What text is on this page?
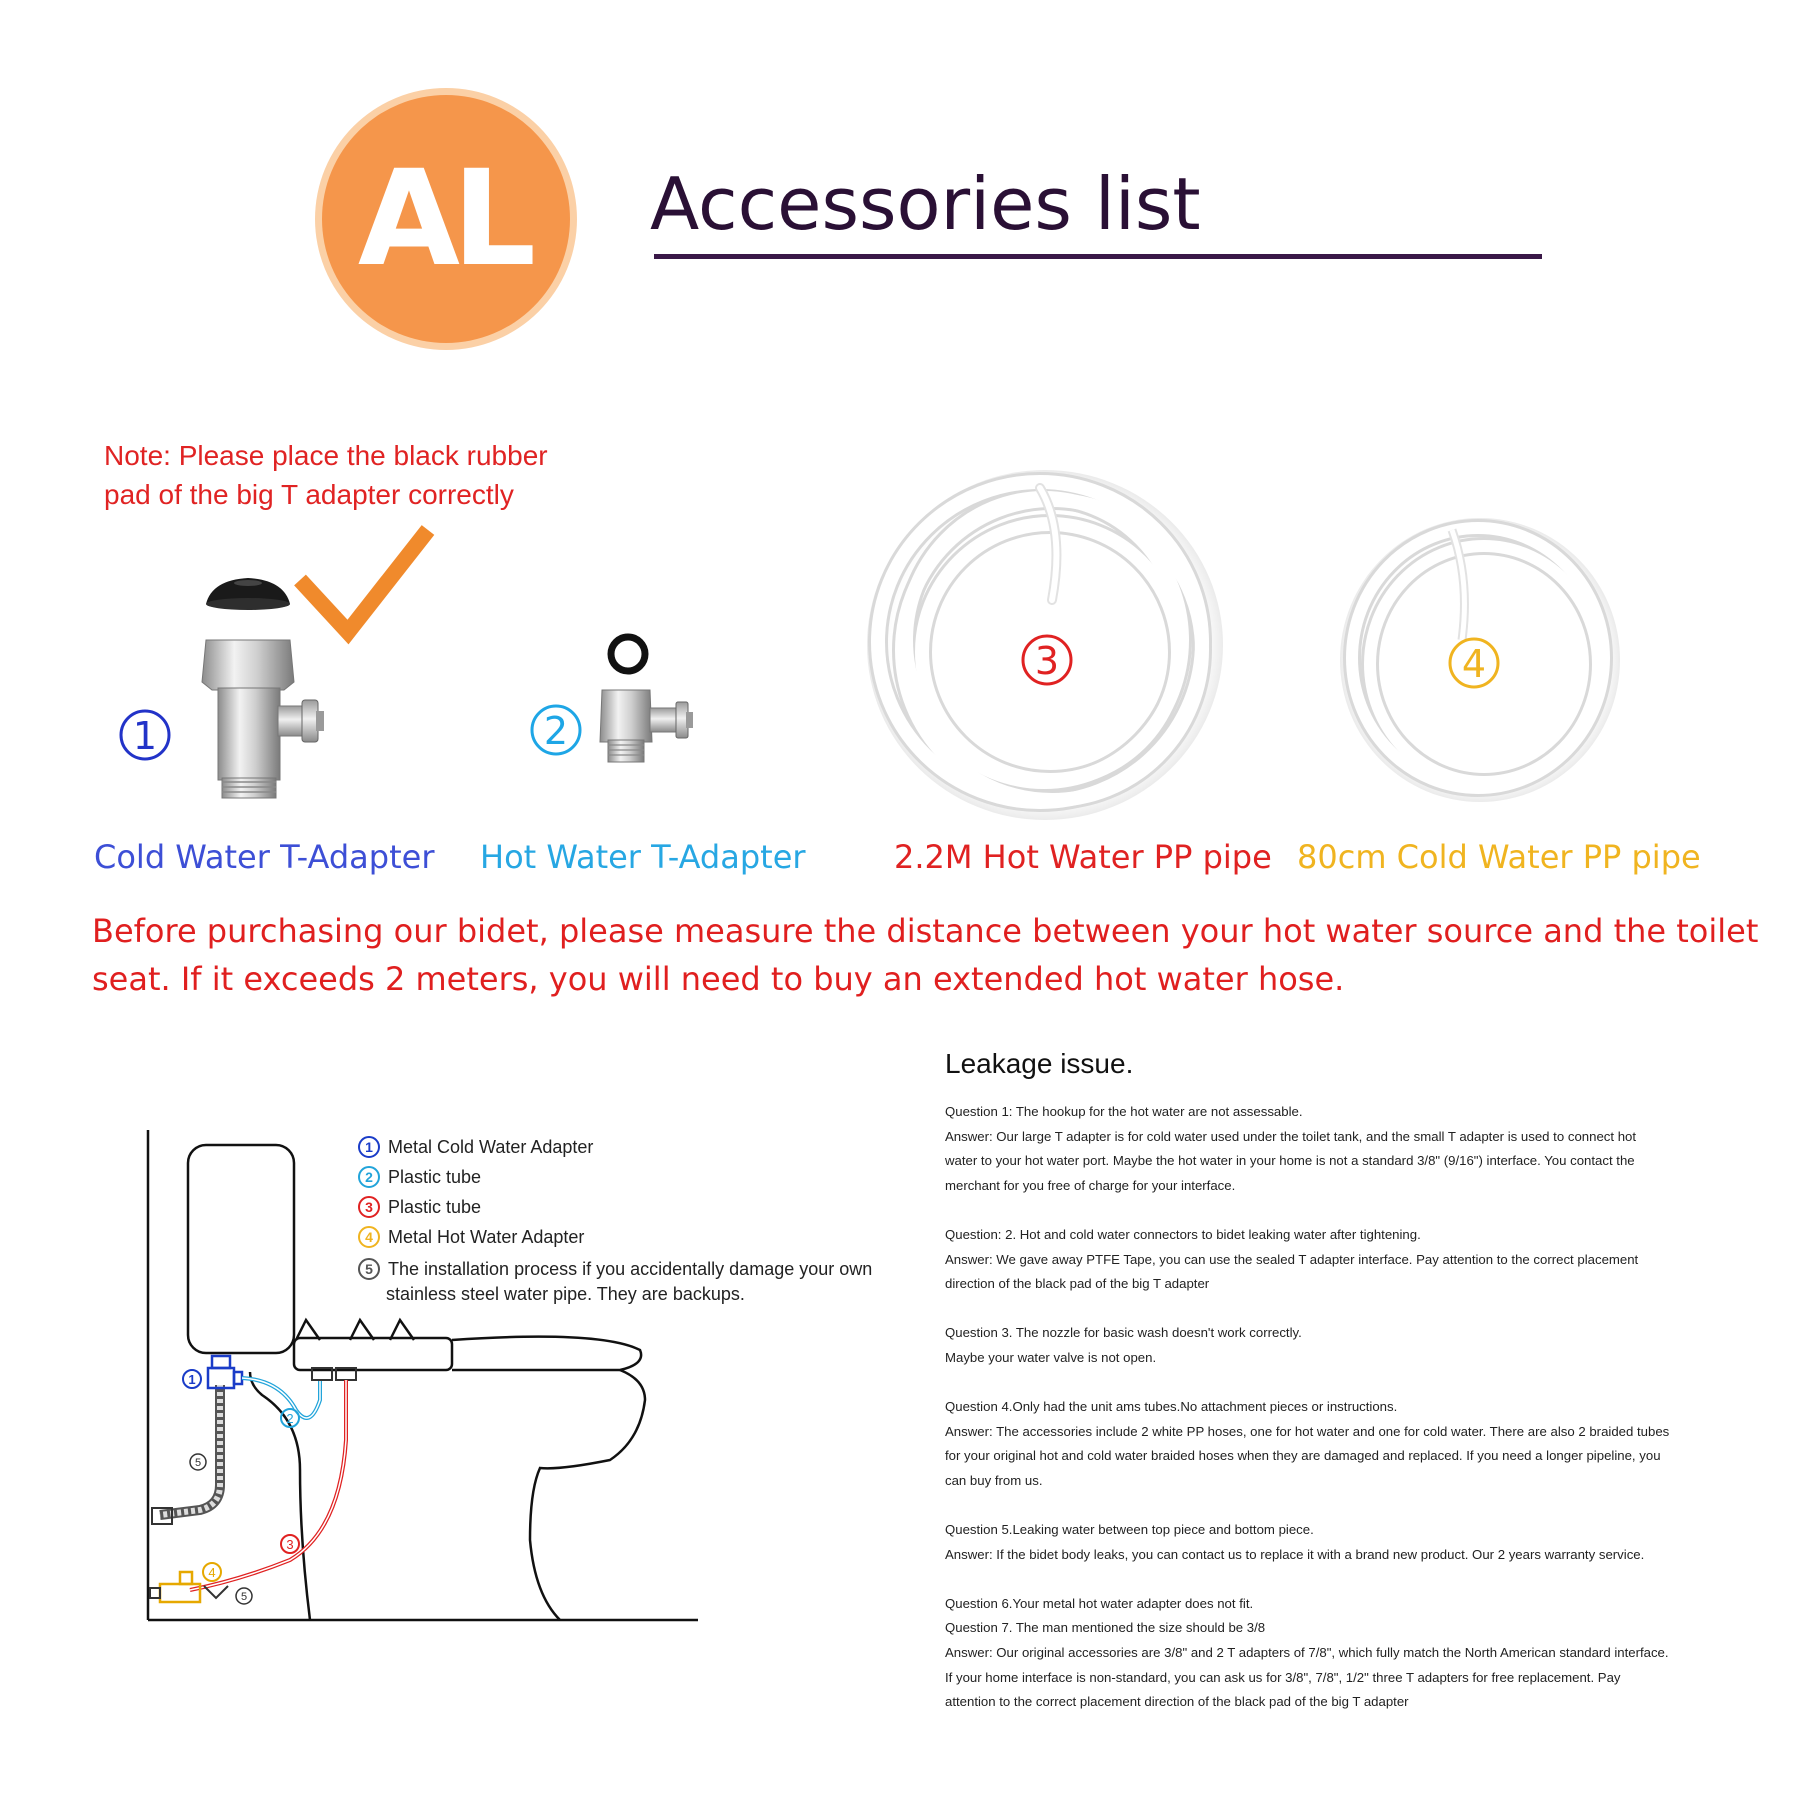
AL Accessories list
Note: Please place the black rubber
pad of the big T adapter correctly
1	2
3	4
Cold Water T-Adapter Hot Water T-Adapter	2.2M Hot Water PP pipe 80cm Cold Water PP pipe
Before purchasing our bidet, please measure the distance between your hot water source and the toilet
seat. If it exceeds 2 meters, you will need to buy an extended hot water hose.
1
2
3
4
5
5
1 Metal Cold Water Adapter
2 Plastic tube
3 Plastic tube
4 Metal Hot Water Adapter
5 The installation process if you accidentally damage your own
stainless steel water pipe. They are backups.
Leakage issue.
Question 1: The hookup for the hot water are not assessable.
Answer: Our large T adapter is for cold water used under the toilet tank, and the small T adapter is used to connect hot
water to your hot water port. Maybe the hot water in your home is not a standard 3/8" (9/16") interface. You contact the
merchant for you free of charge for your interface.
Question: 2. Hot and cold water connectors to bidet leaking water after tightening.
Answer: We gave away PTFE Tape, you can use the sealed T adapter interface. Pay attention to the correct placement
direction of the black pad of the big T adapter
Question 3. The nozzle for basic wash doesn't work correctly.
Maybe your water valve is not open.
Question 4.Only had the unit ams tubes.No attachment pieces or instructions.
Answer: The accessories include 2 white PP hoses, one for hot water and one for cold water. There are also 2 braided tubes
for your original hot and cold water braided hoses when they are damaged and replaced. If you need a longer pipeline, you
can buy from us.
Question 5.Leaking water between top piece and bottom piece.
Answer: If the bidet body leaks, you can contact us to replace it with a brand new product. Our 2 years warranty service.
Question 6.Your metal hot water adapter does not fit.
Question 7. The man mentioned the size should be 3/8
Answer: Our original accessories are 3/8" and 2 T adapters of 7/8", which fully match the North American standard interface.
If your home interface is non-standard, you can ask us for 3/8", 7/8", 1/2" three T adapters for free replacement. Pay
attention to the correct placement direction of the black pad of the big T adapter
